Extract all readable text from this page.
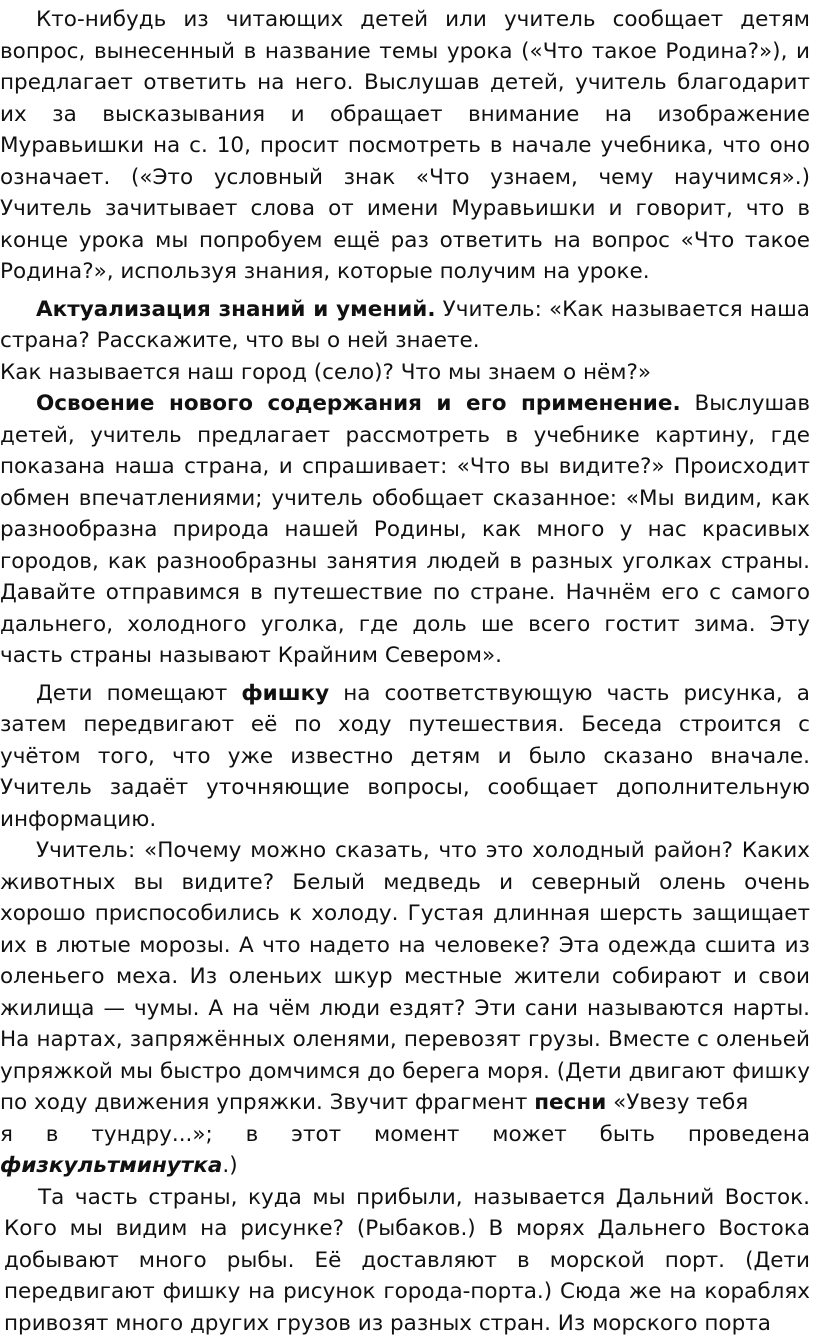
Кто-нибудь из читающих детей или учитель сообщает детям вопрос, вынесенный в название темы урока («Что такое Родина?»), и предлагает ответить на него. Выслушав детей, учитель благодарит их за высказывания и обращает внимание на изображение Муравьишки на с. 10, просит посмотреть в начале учебника, что оно означает. («Это условный знак «Что узнаем, чему научимся».) Учитель зачитывает слова от имени Муравьишки и говорит, что в конце урока мы попробуем ещё раз ответить на вопрос «Что такое Родина?», используя знания, которые получим на уроке.

Актуализация знаний и умений. Учитель: «Как называется наша страна? Расскажите, что вы о ней знаете.

Как называется наш город (село)? Что мы знаем о нём?»

Освоение нового содержания и его применение. Выслушав детей, учитель предлагает рассмотреть в учебнике картину, где показана наша страна, и спрашивает: «Что вы видите?» Происходит обмен впечатлениями; учитель обобщает сказанное: «Мы видим, как разнообразна природа нашей Родины, как много у нас красивых городов, как разнообразны занятия людей в разных уголках страны. Давайте отправимся в путешествие по стране. Начнём его с самого дальнего, холодного уголка, где доль ше всего гостит зима. Эту часть страны называют Крайним Севером».

Дети помещают фишку на соответствующую часть рисунка, а затем передвигают её по ходу путешествия. Беседа строится с учётом того, что уже известно детям и было сказано вначале. Учитель задаёт уточняющие вопросы, сообщает дополнительную информацию.

Учитель: «Почему можно сказать, что это холодный район? Каких животных вы видите? Белый медведь и северный олень очень хорошо приспособились к холоду. Густая длинная шерсть защищает их в лютые морозы. А что надето на человеке? Эта одежда сшита из оленьего меха. Из оленьих шкур местные жители собирают и свои жилища — чумы. А на чём люди ездят? Эти сани называются нарты. На нартах, запряжённых оленями, перевозят грузы. Вместе с оленьей упряжкой мы быстро домчимся до берега моря. (Дети двигают фишку по ходу движения упряжки. Звучит фрагмент песни «Увезу тебя

я в тундру...»; в этот момент может быть проведена физкультминутка.)

Та часть страны, куда мы прибыли, называется Дальний Восток. Кого мы видим на рисунке? (Рыбаков.) В морях Дальнего Востока добывают много рыбы. Её доставляют в морской порт. (Дети передвигают фишку на рисунок города-порта.) Сюда же на кораблях привозят много других грузов из разных стран. Из морского порта
